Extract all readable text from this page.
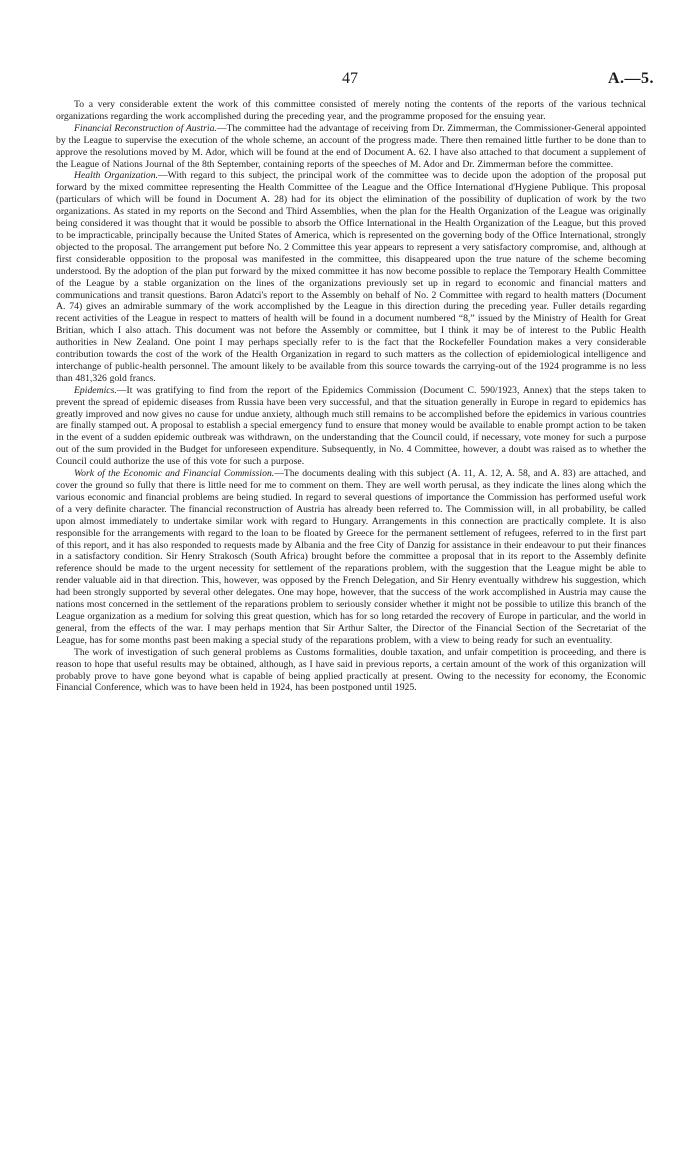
47	A.—5.

To a very considerable extent the work of this committee consisted of merely noting the contents of the reports of the various technical organizations regarding the work accomplished during the preceding year, and the programme proposed for the ensuing year.

Financial Reconstruction of Austria.—The committee had the advantage of receiving from Dr. Zimmerman, the Commissioner-General appointed by the League to supervise the execution of the whole scheme, an account of the progress made. There then remained little further to be done than to approve the resolutions moved by M. Ador, which will be found at the end of Document A. 62. I have also attached to that document a supplement of the League of Nations Journal of the 8th September, containing reports of the speeches of M. Ador and Dr. Zimmerman before the committee.

Health Organization.—With regard to this subject, the principal work of the committee was to decide upon the adoption of the proposal put forward by the mixed committee representing the Health Committee of the League and the Office International d'Hygiene Publique. This proposal (particulars of which will be found in Document A. 28) had for its object the elimination of the possibility of duplication of work by the two organizations. As stated in my reports on the Second and Third Assemblies, when the plan for the Health Organization of the League was originally being considered it was thought that it would be possible to absorb the Office International in the Health Organization of the League, but this proved to be impracticable, principally because the United States of America, which is represented on the governing body of the Office International, strongly objected to the proposal. The arrangement put before No. 2 Committee this year appears to represent a very satisfactory compromise, and, although at first considerable opposition to the proposal was manifested in the committee, this disappeared upon the true nature of the scheme becoming understood. By the adoption of the plan put forward by the mixed committee it has now become possible to replace the Temporary Health Committee of the League by a stable organization on the lines of the organizations previously set up in regard to economic and financial matters and communications and transit questions. Baron Adatci's report to the Assembly on behalf of No. 2 Committee with regard to health matters (Document A. 74) gives an admirable summary of the work accomplished by the League in this direction during the preceding year. Fuller details regarding recent activities of the League in respect to matters of health will be found in a document numbered “8,” issued by the Ministry of Health for Great Britian, which I also attach. This document was not before the Assembly or committee, but I think it may be of interest to the Public Health authorities in New Zealand. One point I may perhaps specially refer to is the fact that the Rockefeller Foundation makes a very considerable contribution towards the cost of the work of the Health Organization in regard to such matters as the collection of epidemiological intelligence and interchange of public-health personnel. The amount likely to be available from this source towards the carrying-out of the 1924 programme is no less than 481,326 gold francs.

Epidemics.—It was gratifying to find from the report of the Epidemics Commission (Document C. 590/1923, Annex) that the steps taken to prevent the spread of epidemic diseases from Russia have been very successful, and that the situation generally in Europe in regard to epidemics has greatly improved and now gives no cause for undue anxiety, although much still remains to be accomplished before the epidemics in various countries are finally stamped out. A proposal to establish a special emergency fund to ensure that money would be available to enable prompt action to be taken in the event of a sudden epidemic outbreak was withdrawn, on the understanding that the Council could, if necessary, vote money for such a purpose out of the sum provided in the Budget for unforeseen expenditure. Subsequently, in No. 4 Committee, however, a doubt was raised as to whether the Council could authorize the use of this vote for such a purpose.

Work of the Economic and Financial Commission.—The documents dealing with this subject (A. 11, A. 12, A. 58, and A. 83) are attached, and cover the ground so fully that there is little need for me to comment on them. They are well worth perusal, as they indicate the lines along which the various economic and financial problems are being studied. In regard to several questions of importance the Commission has performed useful work of a very definite character. The financial reconstruction of Austria has already been referred to. The Commission will, in all probability, be called upon almost immediately to undertake similar work with regard to Hungary. Arrangements in this connection are practically complete. It is also responsible for the arrangements with regard to the loan to be floated by Greece for the permanent settlement of refugees, referred to in the first part of this report, and it has also responded to requests made by Albania and the free City of Danzig for assistance in their endeavour to put their finances in a satisfactory condition. Sir Henry Strakosch (South Africa) brought before the committee a proposal that in its report to the Assembly definite reference should be made to the urgent necessity for settlement of the reparations problem, with the suggestion that the League might be able to render valuable aid in that direction. This, however, was opposed by the French Delegation, and Sir Henry eventually withdrew his suggestion, which had been strongly supported by several other delegates. One may hope, however, that the success of the work accomplished in Austria may cause the nations most concerned in the settlement of the reparations problem to seriously consider whether it might not be possible to utilize this branch of the League organization as a medium for solving this great question, which has for so long retarded the recovery of Europe in particular, and the world in general, from the effects of the war. I may perhaps mention that Sir Arthur Salter, the Director of the Financial Section of the Secretariat of the League, has for some months past been making a special study of the reparations problem, with a view to being ready for such an eventuality.

The work of investigation of such general problems as Customs formalities, double taxation, and unfair competition is proceeding, and there is reason to hope that useful results may be obtained, although, as I have said in previous reports, a certain amount of the work of this organization will probably prove to have gone beyond what is capable of being applied practically at present. Owing to the necessity for economy, the Economic Financial Conference, which was to have been held in 1924, has been postponed until 1925.
